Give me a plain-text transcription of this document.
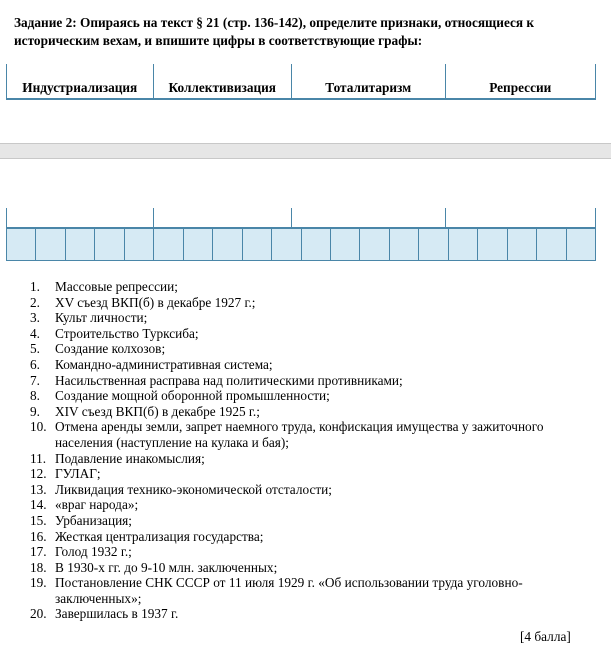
Задание 2: Опираясь на текст § 21 (стр. 136-142), определите признаки, относящиеся к историческим вехам, и впишите цифры в соответствующие графы:
Индустриализация	Коллективизация	Тоталитаризм	Репрессии
1.	Массовые репрессии;
2.	XV съезд ВКП(б) в декабре 1927 г.;
3.	Культ личности;
4.	Строительство Турксиба;
5.	Создание колхозов;
6.	Командно-административная система;
7.	Насильственная расправа над политическими противниками;
8.	Создание мощной оборонной промышленности;
9.	XIV съезд ВКП(б) в декабре 1925 г.;
10. Отмена аренды земли, запрет наемного труда, конфискация имущества у зажиточного населения (наступление на кулака и бая);
11. Подавление инакомыслия;
12. ГУЛАГ;
13. Ликвидация технико-экономической отсталости;
14. «враг народа»;
15. Урбанизация;
16. Жесткая централизация государства;
17. Голод 1932 г.;
18. В 1930-х гг. до 9-10 млн. заключенных;
19. Постановление СНК СССР от 11 июля 1929 г. «Об использовании труда уголовно-заключенных»;
20. Завершилась в 1937 г.
[4 балла]
